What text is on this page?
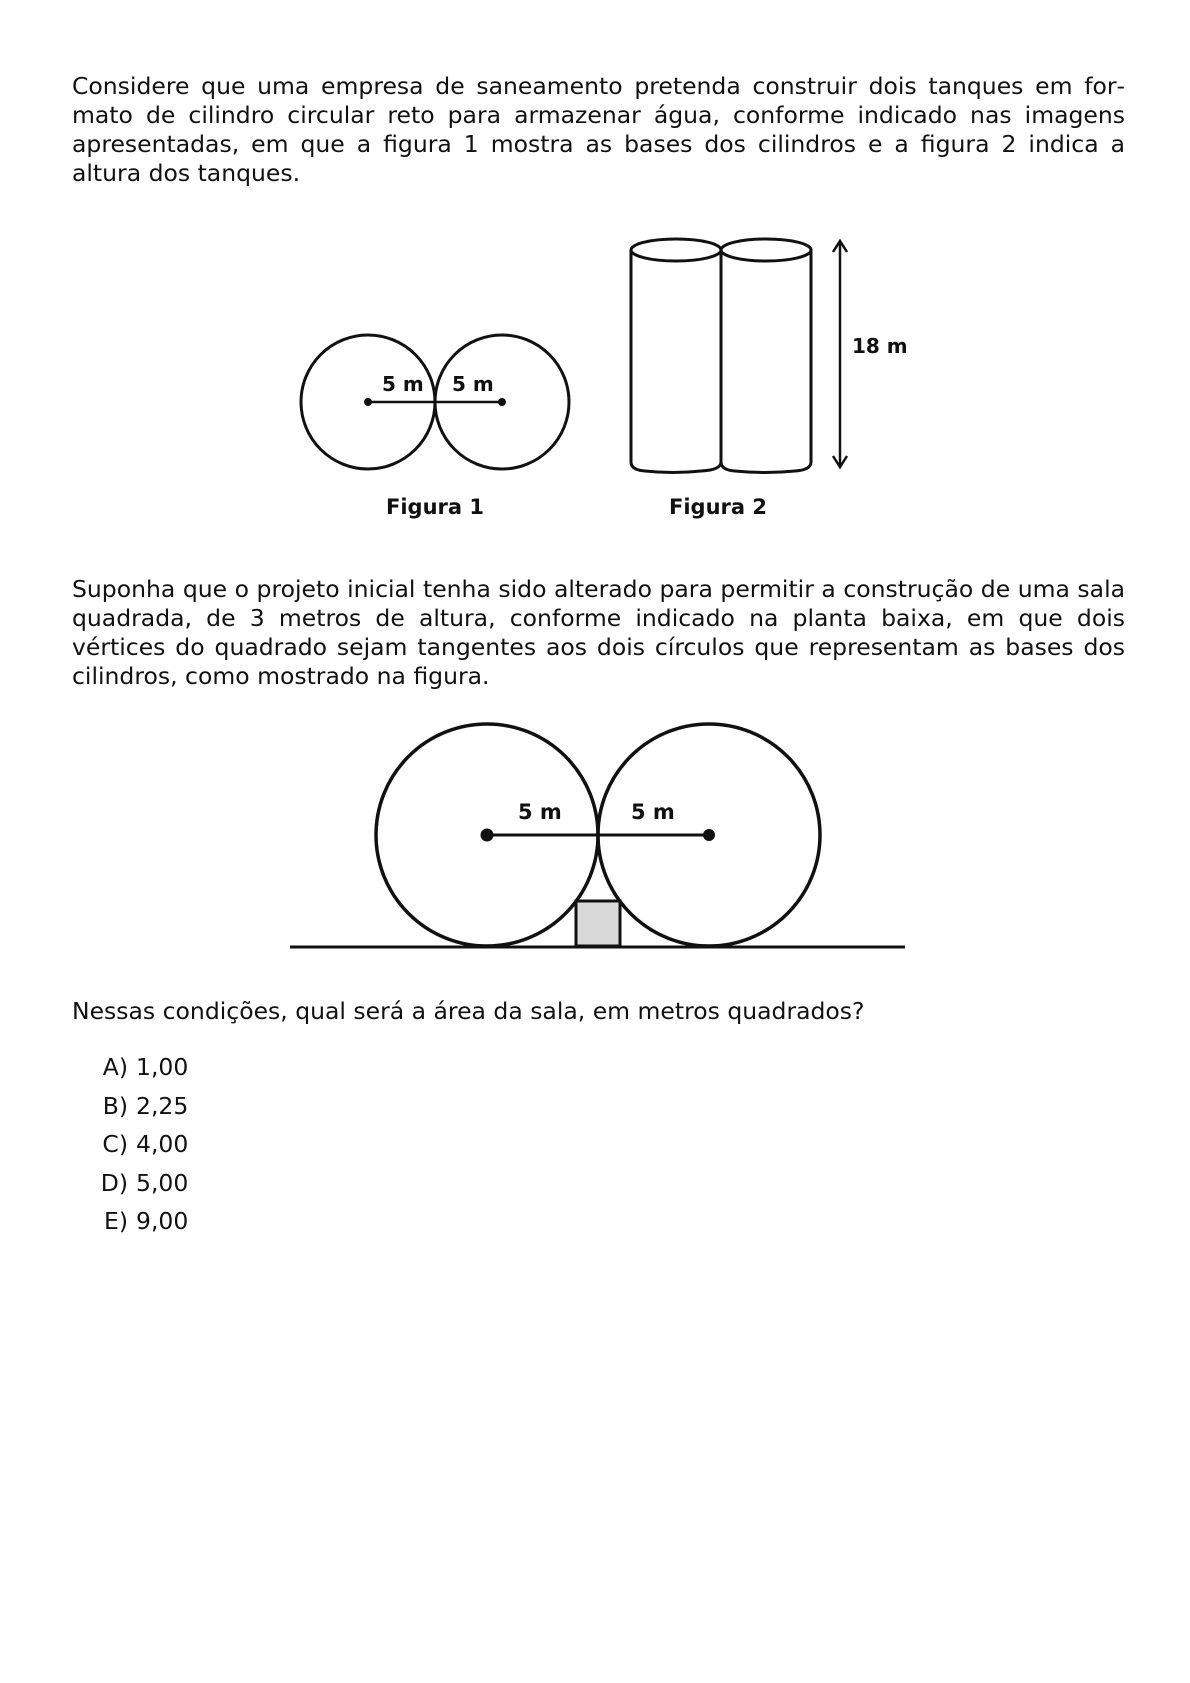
Considere que uma empresa de saneamento pretenda construir dois tanques em formato de cilindro circular reto para armazenar água, conforme indicado nas imagens apresentadas, em que a figura 1 mostra as bases dos cilindros e a figura 2 indica a altura dos tanques.

5 m 5 m
Figura 1
18 m
Figura 2

Suponha que o projeto inicial tenha sido alterado para permitir a construção de uma sala quadrada, de 3 metros de altura, conforme indicado na planta baixa, em que dois vértices do quadrado sejam tangentes aos dois círculos que representam as bases dos cilindros, como mostrado na figura.

5 m	5 m

Nessas condições, qual será a área da sala, em metros quadrados?

A) 1,00
B) 2,25
C) 4,00
D) 5,00
E) 9,00
